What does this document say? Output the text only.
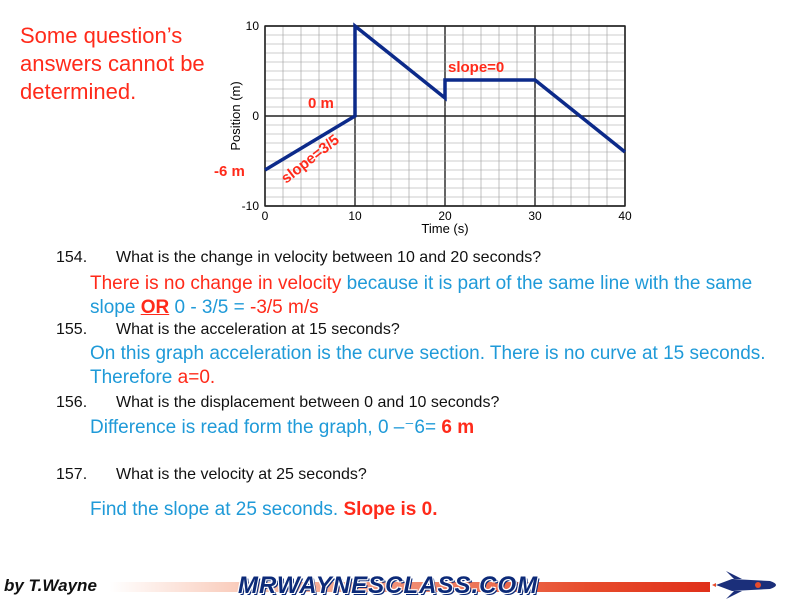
Some question’s answers cannot be determined.
0	10	20	30	40
10
0
-10
Time (s)
Position (m)
slope=0
0 m
-6 m slope=3/5
154. What is the change in velocity between 10 and 20 seconds?
There is no change in velocity because it is part of the same line with the same slope OR 0 - 3/5 = -3/5 m/s
155. What is the acceleration at 15 seconds?
On this graph acceleration is the curve section. There is no curve at 15 seconds. Therefore a=0.
156. What is the displacement between 0 and 10 seconds?
Difference is read form the graph, 0 –⁻6= 6 m
157. What is the velocity at 25 seconds?
Find the slope at 25 seconds. Slope is 0.
by T.Wayne	MRWAYNESCLASS.COM
